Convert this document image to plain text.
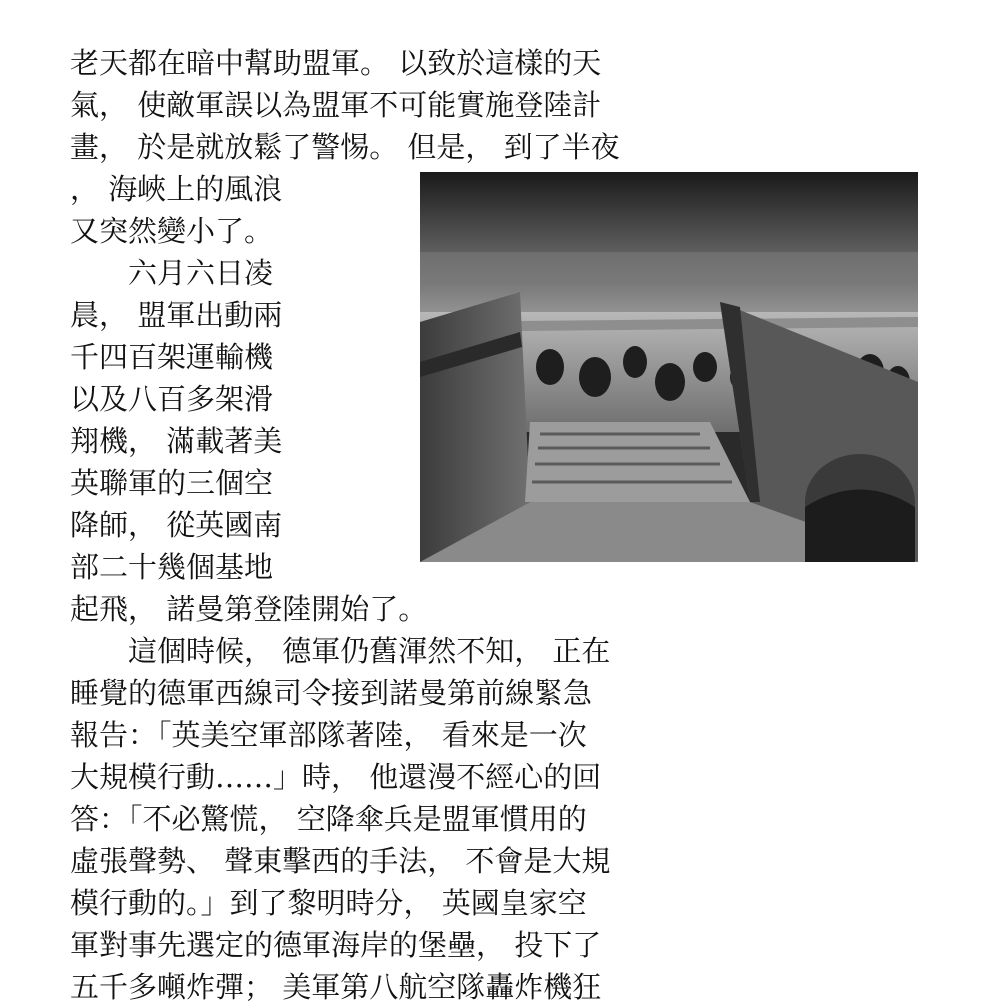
老天都在暗中幫助盟軍。 以致於這樣的天
氣， 使敵軍誤以為盟軍不可能實施登陸計
畫， 於是就放鬆了警惕。 但是， 到了半夜
， 海峽上的風浪
又突然變小了。
　　六月六日凌
晨， 盟軍出動兩
千四百架運輸機
以及八百多架滑
翔機， 滿載著美
英聯軍的三個空
降師， 從英國南
部二十幾個基地
起飛， 諾曼第登陸開始了。
　　這個時候， 德軍仍舊渾然不知， 正在
睡覺的德軍西線司令接到諾曼第前線緊急
報告：「英美空軍部隊著陸， 看來是一次
大規模行動……」時， 他還漫不經心的回
答：「不必驚慌， 空降傘兵是盟軍慣用的
虛張聲勢、 聲東擊西的手法， 不會是大規
模行動的。」到了黎明時分， 英國皇家空
軍對事先選定的德軍海岸的堡壘， 投下了
五千多噸炸彈； 美軍第八航空隊轟炸機狂
